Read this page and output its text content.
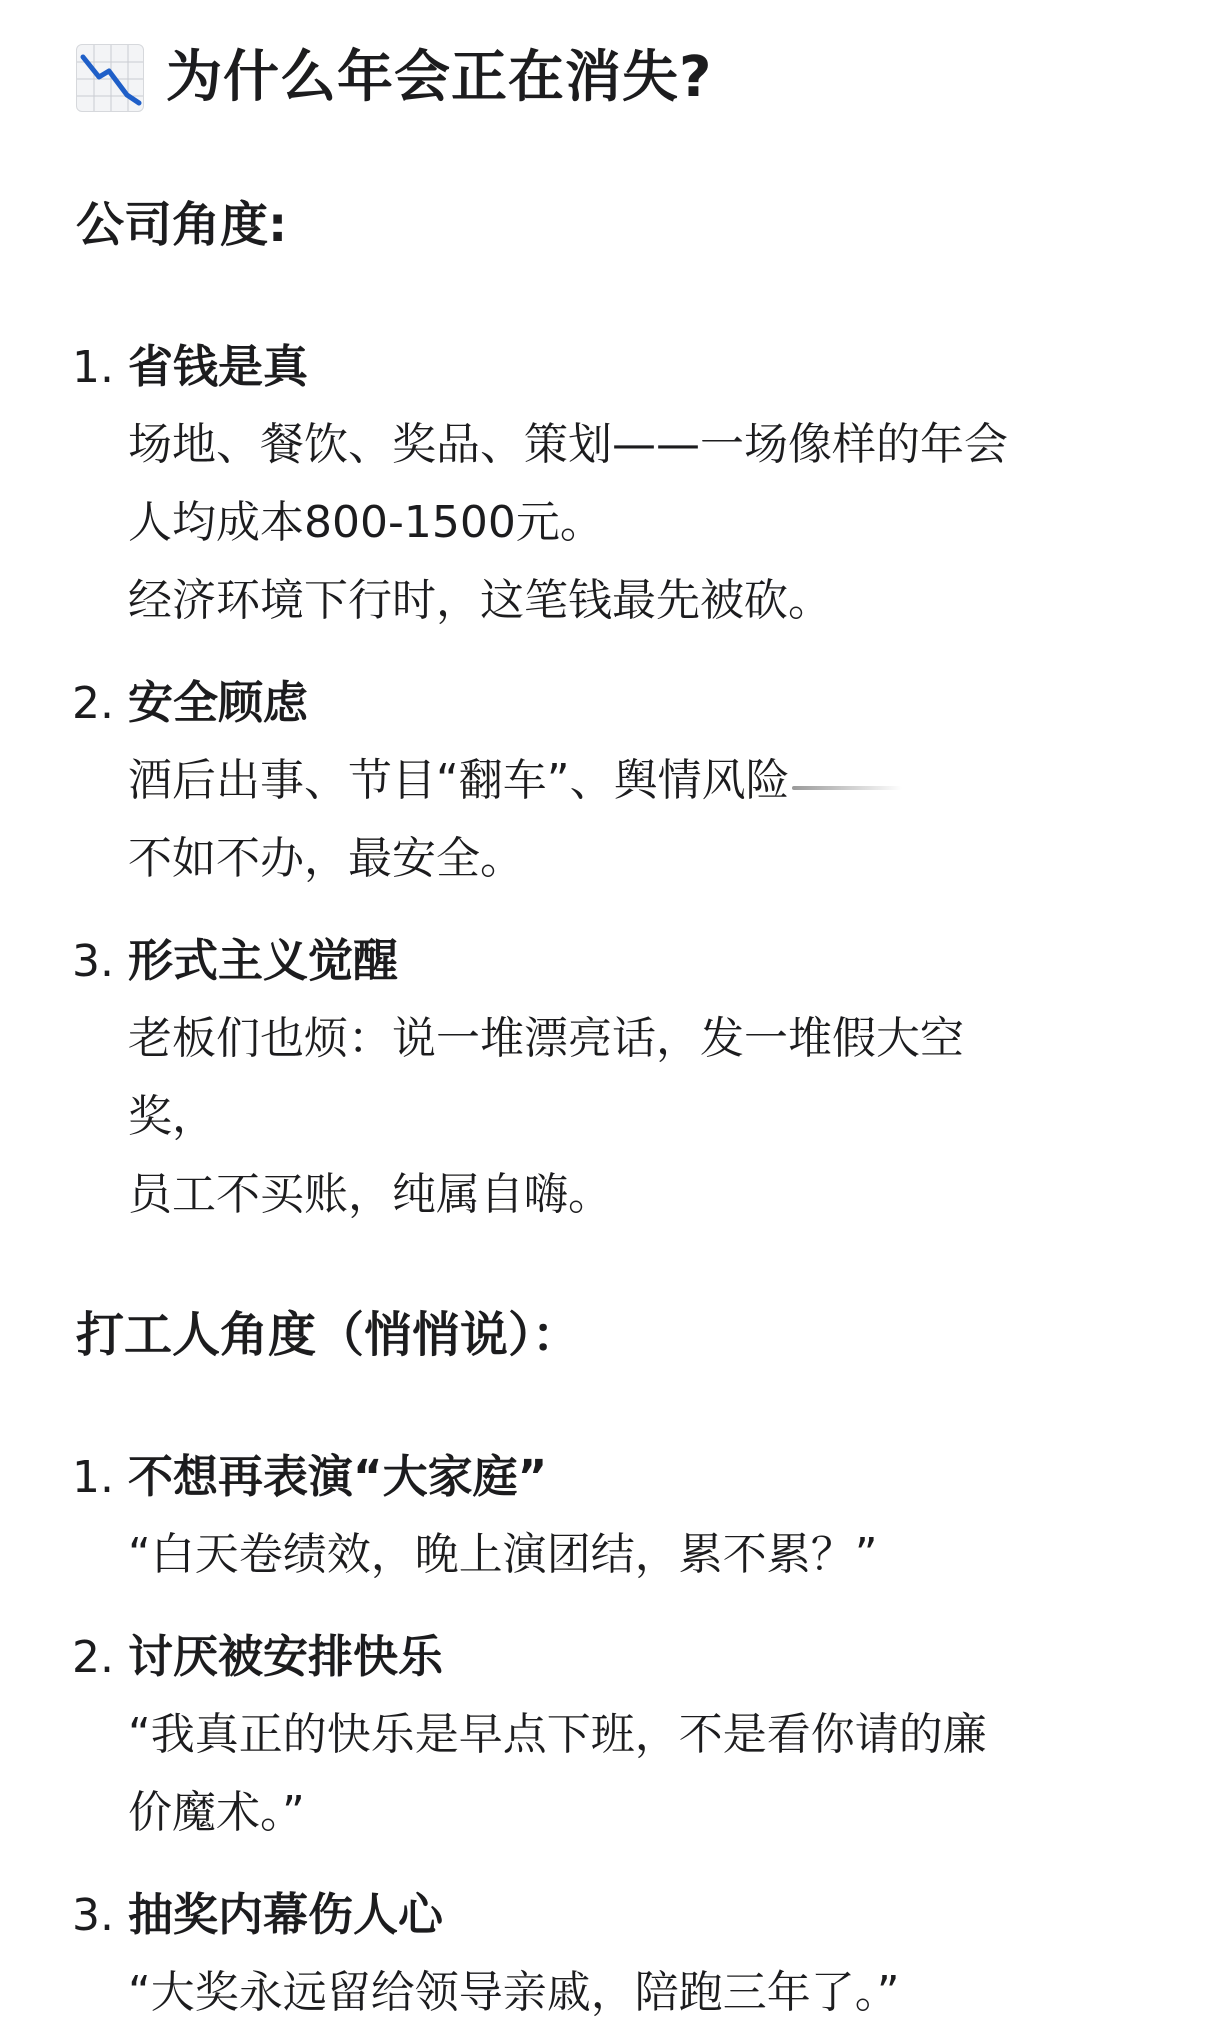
为什么年会正在消失?
公司角度:
1. 省钱是真
场地、餐饮、奖品、策划——一场像样的年会
人均成本800-1500元。
经济环境下行时，这笔钱最先被砍。
2. 安全顾虑
酒后出事、节目“翻车”、舆情风险
不如不办，最安全。
3. 形式主义觉醒
老板们也烦：说一堆漂亮话，发一堆假大空
奖，
员工不买账，纯属自嗨。
打工人角度（悄悄说）：
1. 不想再表演“大家庭”
“白天卷绩效，晚上演团结，累不累？”
2. 讨厌被安排快乐
“我真正的快乐是早点下班，不是看你请的廉
价魔术。”
3. 抽奖内幕伤人心
“大奖永远留给领导亲戚，陪跑三年了。”
